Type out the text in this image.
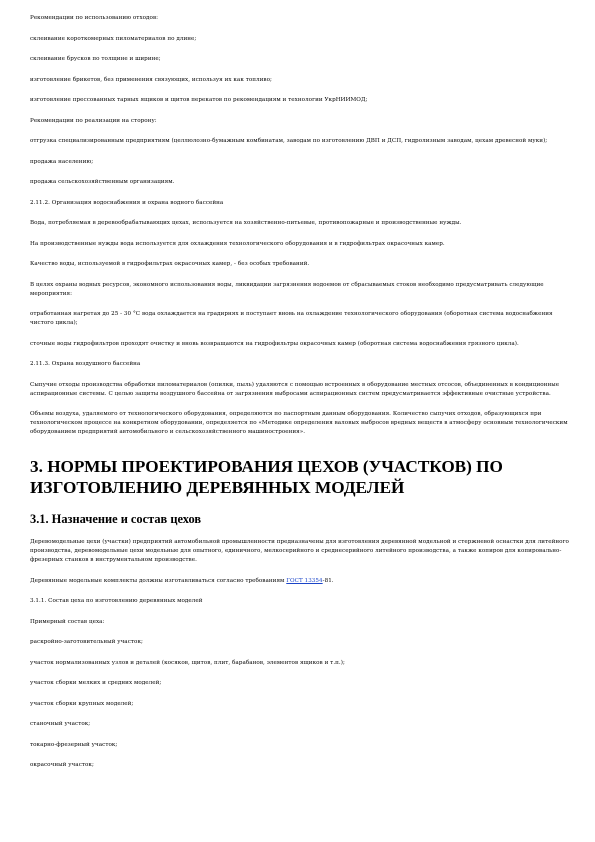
Рекомендации по использованию отходов:

склеивание короткомерных пиломатериалов по длине;

склеивание брусков по толщине и ширине;

изготовление брикетов, без применения связующих, используя их как топливо;

изготовление прессованных тарных ящиков и щитов перекатов по рекомендациям и технологии УкрНИИМОД;

Рекомендации по реализации на сторону:

отгрузка специализированным предприятиям (целлюлозно-бумажным комбинатам, заводам по изготовлению ДВП и ДСП, гидролизным заводам, цехам древесной муки);

продажа населению;

продажа сельскохозяйственным организациям.

2.11.2. Организация водоснабжения и охрана водного бассейна

Вода, потребляемая в деревообрабатывающих цехах, используется на хозяйственно-питьевые, противопожарные и производственные нужды.

На производственные нужды вода используется для охлаждения технологического оборудования и в гидрофильтрах окрасочных камер.

Качество воды, используемой в гидрофильтрах окрасочных камер, - без особых требований.

В целях охраны водных ресурсов, экономного использования воды, ликвидации загрязнения водоемов от сбрасываемых стоков необходимо предусматривать следующие мероприятия:

отработанная нагретая до 25 - 30 °С вода охлаждается на градирнях и поступает вновь на охлаждение технологического оборудования (оборотная система водоснабжения чистого цикла);

сточные воды гидрофильтров проходят очистку и вновь возвращаются на гидрофильтры окрасочных камер (оборотная система водоснабжения грязного цикла).

2.11.3. Охрана воздушного бассейна

Сыпучие отходы производства обработки пиломатериалов (опилки, пыль) удаляются с помощью встроенных в оборудование местных отсосов, объединенных в кондиционные аспирационные системы. С целью защиты воздушного бассейна от загрязнения выбросами аспирационных систем предусматривается эффективные очистные устройства.

Объемы воздуха, удаляемого от технологического оборудования, определяются по паспортным данным оборудования. Количество сыпучих отходов, образующихся при технологическом процессе на конкретном оборудовании, определяется по «Методике определения валовых выбросов вредных веществ в атмосферу основным технологическим оборудованием предприятий автомобильного и сельскохозяйственного машиностроения».

3. НОРМЫ ПРОЕКТИРОВАНИЯ ЦЕХОВ (УЧАСТКОВ) ПО ИЗГОТОВЛЕНИЮ ДЕРЕВЯННЫХ МОДЕЛЕЙ
3.1. Назначение и состав цехов

Деревомодельные цехи (участки) предприятий автомобильной промышленности предназначены для изготовления деревянной модельной и стержневой оснастки для литейного производства, деревомодельные цехи модельные для опытного, единичного, мелкосерийного и среднесерийного литейного производства, а также копиров для копировально-фрезерных станков в инструментальном производстве.

Деревянные модельные комплекты должны изготавливаться согласно требованиям ГОСТ 13354-81.

3.1.1. Состав цеха по изготовлению деревянных моделей

Примерный состав цеха:

раскройно-заготовительный участок;

участок нормализованных узлов и деталей (косяков, щитов, плит, барабанов, элементов ящиков и т.п.);

участок сборки мелких и средних моделей;

участок сборки крупных моделей;

станочный участок;

токарно-фрезерный участок;

окрасочный участок;
